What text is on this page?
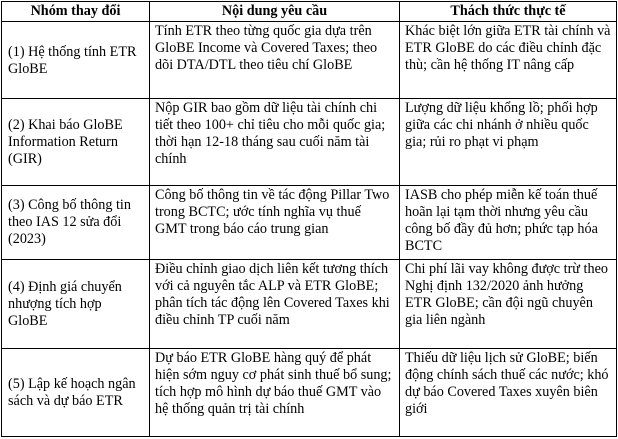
Nhóm thay đổi	Nội dung yêu cầu	Thách thức thực tế
(1) Hệ thống tính ETR GloBE	Tính ETR theo từng quốc gia dựa trên GloBE Income và Covered Taxes; theo dõi DTA/DTL theo tiêu chí GloBE	Khác biệt lớn giữa ETR tài chính và ETR GloBE do các điều chỉnh đặc thù; cần hệ thống IT nâng cấp
(2) Khai báo GloBE Information Return (GIR)	Nộp GIR bao gồm dữ liệu tài chính chi tiết theo 100+ chỉ tiêu cho mỗi quốc gia; thời hạn 12-18 tháng sau cuối năm tài chính	Lượng dữ liệu khổng lồ; phối hợp giữa các chi nhánh ở nhiều quốc gia; rủi ro phạt vi phạm
(3) Công bố thông tin theo IAS 12 sửa đổi (2023)	Công bố thông tin về tác động Pillar Two trong BCTC; ước tính nghĩa vụ thuế GMT trong báo cáo trung gian	IASB cho phép miễn kế toán thuế hoãn lại tạm thời nhưng yêu cầu công bố đầy đủ hơn; phức tạp hóa BCTC
(4) Định giá chuyển nhượng tích hợp GloBE	Điều chỉnh giao dịch liên kết tương thích với cả nguyên tắc ALP và ETR GloBE; phân tích tác động lên Covered Taxes khi điều chỉnh TP cuối năm	Chi phí lãi vay không được trừ theo Nghị định 132/2020 ảnh hưởng ETR GloBE; cần đội ngũ chuyên gia liên ngành
(5) Lập kế hoạch ngân sách và dự báo ETR	Dự báo ETR GloBE hàng quý để phát hiện sớm nguy cơ phát sinh thuế bổ sung; tích hợp mô hình dự báo thuế GMT vào hệ thống quản trị tài chính	Thiếu dữ liệu lịch sử GloBE; biến động chính sách thuế các nước; khó dự báo Covered Taxes xuyên biên giới
